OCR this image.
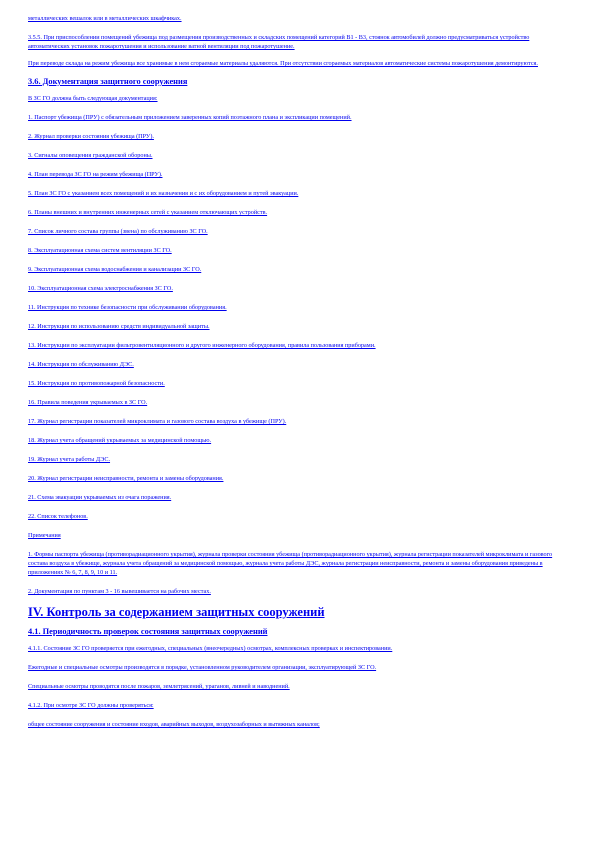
металлических вешалок или в металлических шкафчиках.

3.5.5. При приспособлении помещений убежища под размещения производственных и складских помещений категорий В1 - В3, стоянок автомобилей должно предусматриваться устройство автоматических установок пожаротушения и использование ватной вентиляции под пожаротушение.

При переводе склада на режим убежища все хранимые в нем сгораемые материалы удаляются. При отсутствии сгораемых материалов автоматические системы пожаротушения демонтируются.

3.6. Документация защитного сооружения

В ЗС ГО должна быть следующая документация:

1. Паспорт убежища (ПРУ) с обязательным приложением заверенных копий поэтажного плана и экспликации помещений.

2. Журнал проверки состояния убежища (ПРУ).

3. Сигналы оповещения гражданской обороны.

4. План перевода ЗС ГО на режим убежища (ПРУ).

5. План ЗС ГО с указанием всех помещений и их назначения и с их оборудованием и путей эвакуации.

6. Планы внешних и внутренних инженерных сетей с указанием отключающих устройств.

7. Список личного состава группы (звена) по обслуживанию ЗС ГО.

8. Эксплуатационная схема систем вентиляции ЗС ГО.

9. Эксплуатационная схема водоснабжения и канализации ЗС ГО.

10. Эксплуатационная схема электроснабжения ЗС ГО.

11. Инструкция по технике безопасности при обслуживании оборудования.

12. Инструкция по использованию средств индивидуальной защиты.

13. Инструкции по эксплуатации фильтровентиляционного и другого инженерного оборудования, правила пользования приборами.

14. Инструкция по обслуживанию ДЭС.

15. Инструкция по противопожарной безопасности.

16. Правила поведения укрываемых в ЗС ГО.

17. Журнал регистрации показателей микроклимата и газового состава воздуха в убежище (ПРУ).

18. Журнал учета обращений укрываемых за медицинской помощью.

19. Журнал учета работы ДЭС.

20. Журнал регистрации неисправности, ремонта и замены оборудования.

21. Схема эвакуации укрываемых из очага поражения.

22. Список телефонов.

Примечания

1. Формы паспорта убежища (противорадиационного укрытия), журнала проверки состояния убежища (противорадиационного укрытия), журнала регистрации показателей микроклимата и газового состава воздуха в убежище, журнала учета обращений за медицинской помощью, журнала учета работы ДЭС, журнала регистрации неисправности, ремонта и замены оборудования приведены в приложениях № 6, 7, 8, 9, 10 и 11.

2. Документация по пунктам 3 - 16 вывешивается на рабочих местах.

IV. Контроль за содержанием защитных сооружений

4.1. Периодичность проверок состояния защитных сооружений

4.1.1. Состояние ЗС ГО проверяется при ежегодных, специальных (внеочередных) осмотрах, комплексных проверках и инспектировании.

Ежегодные и специальные осмотры производятся в порядке, установленном руководителем организации, эксплуатирующей ЗС ГО.

Специальные осмотры проводятся после пожаров, землетрясений, ураганов, ливней и наводнений.

4.1.2. При осмотре ЗС ГО должны проверяться:

общее состояние сооружения и состояние входов, аварийных выходов, воздухозаборных и вытяжных каналов;
